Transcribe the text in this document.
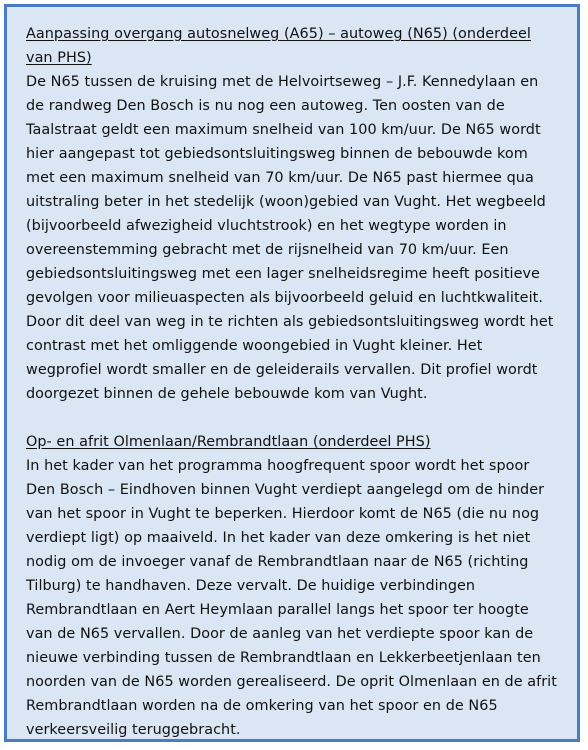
Aanpassing overgang autosnelweg (A65) – autoweg (N65) (onderdeel van PHS)

De N65 tussen de kruising met de Helvoirtseweg – J.F. Kennedylaan en de randweg Den Bosch is nu nog een autoweg. Ten oosten van de Taalstraat geldt een maximum snelheid van 100 km/uur. De N65 wordt hier aangepast tot gebiedsontsluitingsweg binnen de bebouwde kom met een maximum snelheid van 70 km/uur. De N65 past hiermee qua uitstraling beter in het stedelijk (woon)gebied van Vught. Het wegbeeld (bijvoorbeeld afwezigheid vluchtstrook) en het wegtype worden in overeenstemming gebracht met de rijsnelheid van 70 km/uur. Een gebiedsontsluitingsweg met een lager snelheidsregime heeft positieve gevolgen voor milieuaspecten als bijvoorbeeld geluid en luchtkwaliteit. Door dit deel van weg in te richten als gebiedsontsluitingsweg wordt het contrast met het omliggende woongebied in Vught kleiner. Het wegprofiel wordt smaller en de geleiderails vervallen. Dit profiel wordt doorgezet binnen de gehele bebouwde kom van Vught.

Op- en afrit Olmenlaan/Rembrandtlaan (onderdeel PHS)

In het kader van het programma hoogfrequent spoor wordt het spoor Den Bosch – Eindhoven binnen Vught verdiept aangelegd om de hinder van het spoor in Vught te beperken. Hierdoor komt de N65 (die nu nog verdiept ligt) op maaiveld. In het kader van deze omkering is het niet nodig om de invoeger vanaf de Rembrandtlaan naar de N65 (richting Tilburg) te handhaven. Deze vervalt. De huidige verbindingen Rembrandtlaan en Aert Heymlaan parallel langs het spoor ter hoogte van de N65 vervallen. Door de aanleg van het verdiepte spoor kan de nieuwe verbinding tussen de Rembrandtlaan en Lekkerbeetjenlaan ten noorden van de N65 worden gerealiseerd. De oprit Olmenlaan en de afrit Rembrandtlaan worden na de omkering van het spoor en de N65 verkeersveilig teruggebracht.
